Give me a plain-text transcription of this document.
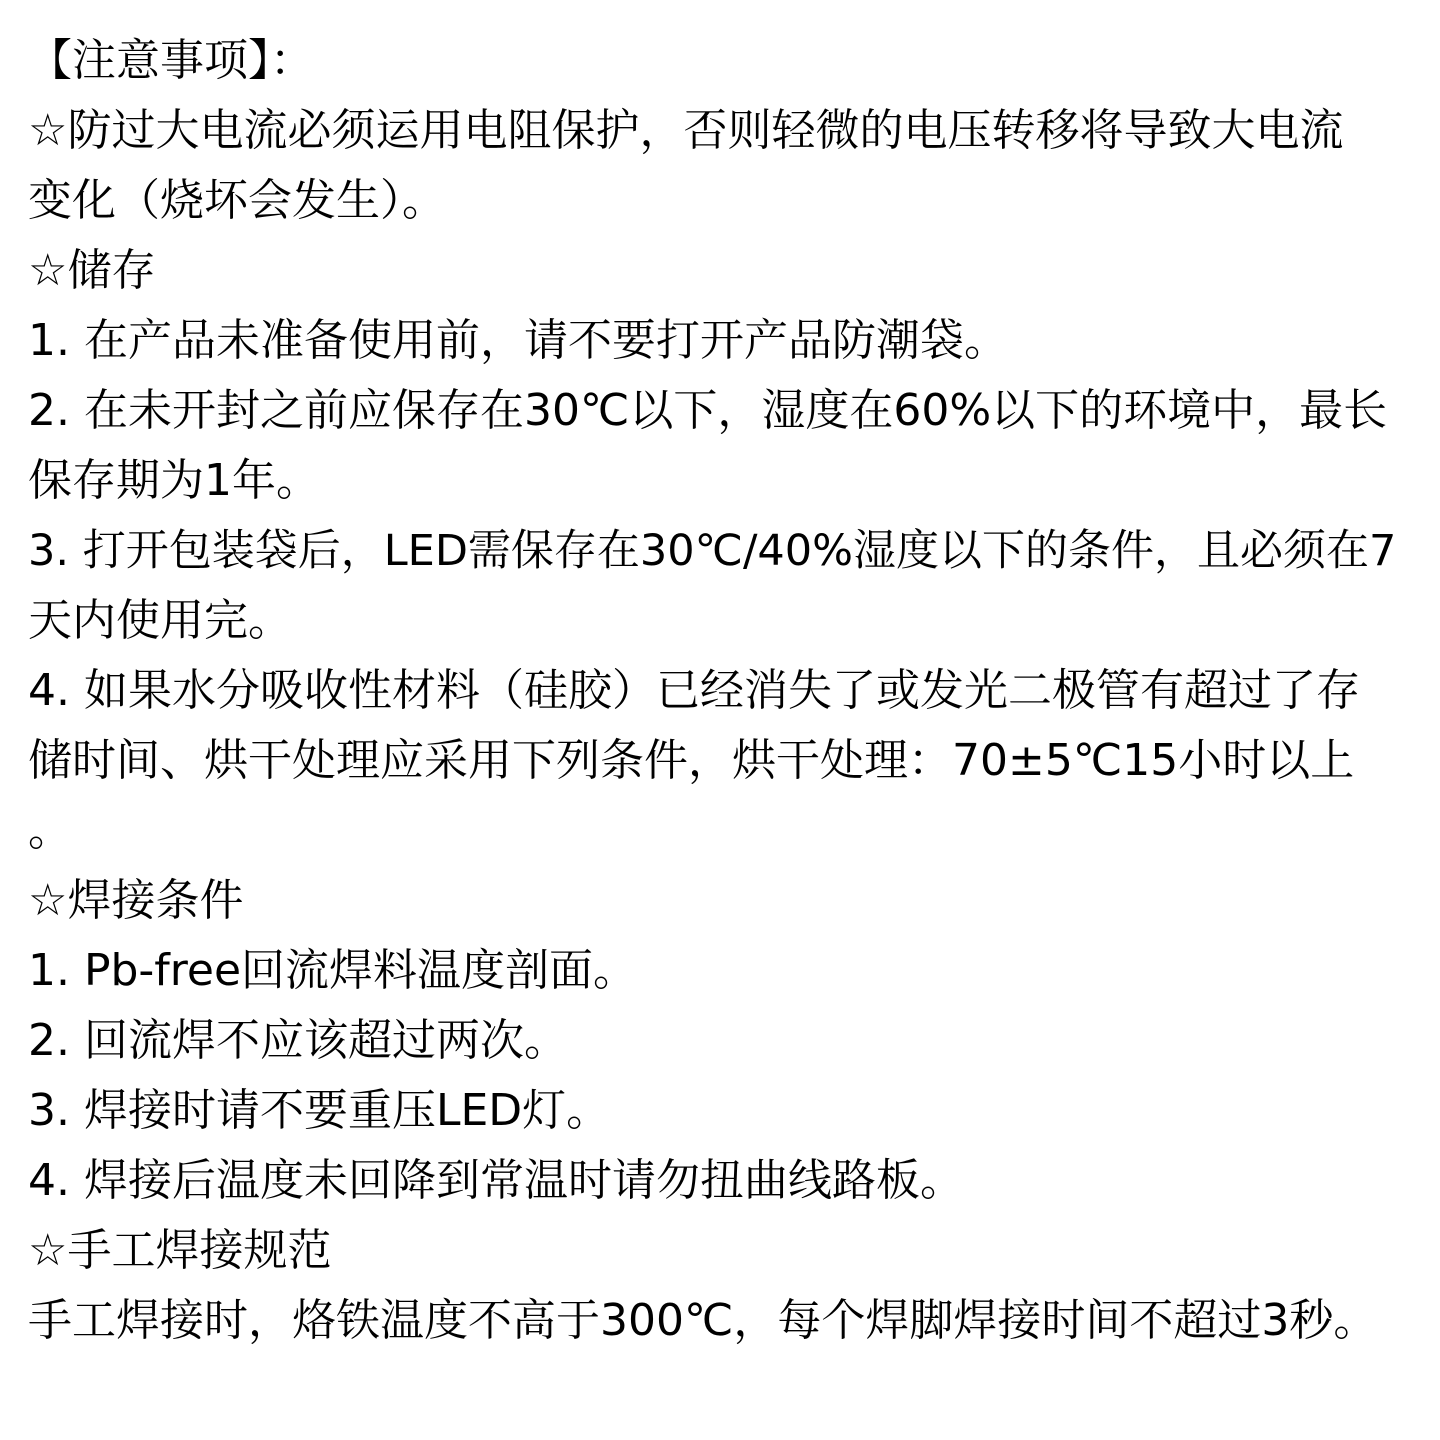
【注意事项】：
☆防过大电流必须运用电阻保护，否则轻微的电压转移将导致大电流
变化（烧坏会发生）。
☆储存
1. 在产品未准备使用前，请不要打开产品防潮袋。
2. 在未开封之前应保存在30℃以下，湿度在60%以下的环境中，最长
保存期为1年。
3. 打开包装袋后，LED需保存在30℃/40%湿度以下的条件，且必须在7
天内使用完。
4. 如果水分吸收性材料（硅胶）已经消失了或发光二极管有超过了存
储时间、烘干处理应采用下列条件，烘干处理：70±5℃15小时以上
。
☆焊接条件
1. Pb-free回流焊料温度剖面。
2. 回流焊不应该超过两次。
3. 焊接时请不要重压LED灯。
4. 焊接后温度未回降到常温时请勿扭曲线路板。
☆手工焊接规范
手工焊接时，烙铁温度不高于300℃，每个焊脚焊接时间不超过3秒。
